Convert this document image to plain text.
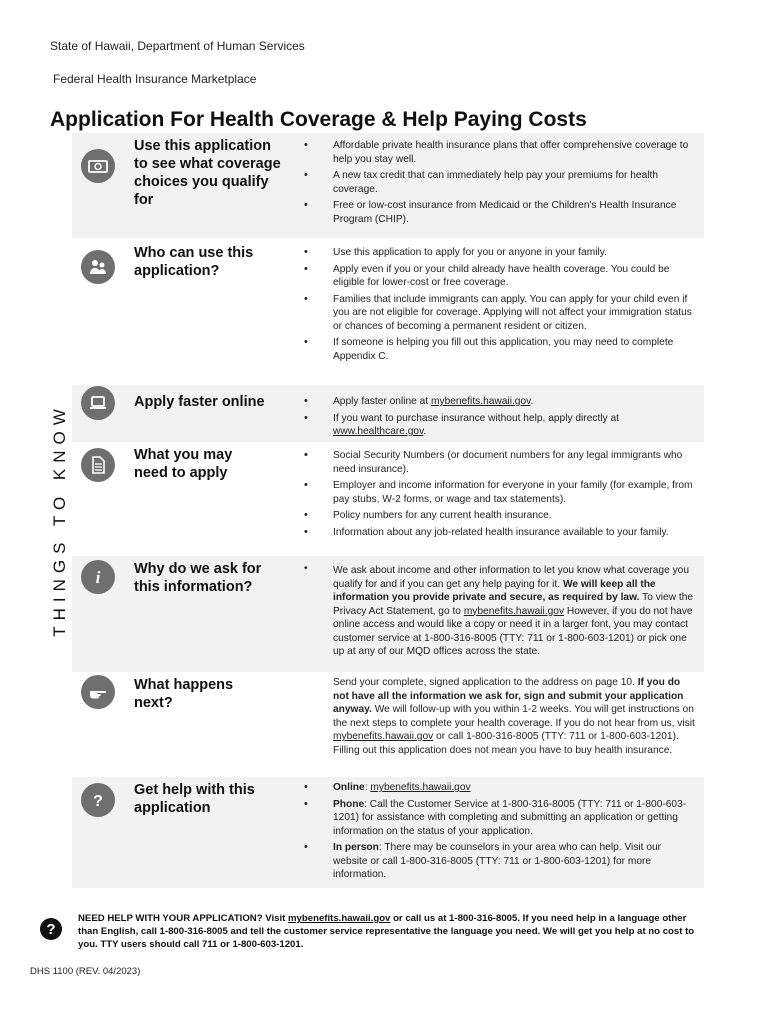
State of Hawaii, Department of Human Services
Federal Health Insurance Marketplace
Application For Health Coverage & Help Paying Costs
THINGS TO KNOW
Use this application to see what coverage choices you qualify for
• Affordable private health insurance plans that offer comprehensive coverage to help you stay well.
• A new tax credit that can immediately help pay your premiums for health coverage.
• Free or low-cost insurance from Medicaid or the Children's Health Insurance Program (CHIP).
Who can use this application?
• Use this application to apply for you or anyone in your family.
• Apply even if you or your child already have health coverage. You could be eligible for lower-cost or free coverage.
• Families that include immigrants can apply. You can apply for your child even if you are not eligible for coverage. Applying will not affect your immigration status or chances of becoming a permanent resident or citizen.
• If someone is helping you fill out this application, you may need to complete Appendix C.
Apply faster online
•	Apply faster online at mybenefits.hawaii.gov.
• If you want to purchase insurance without help, apply directly at www.healthcare.gov.
What you may need to apply
• Social Security Numbers (or document numbers for any legal immigrants who need insurance).
• Employer and income information for everyone in your family (for example, from pay stubs, W-2 forms, or wage and tax statements).
• Policy numbers for any current health insurance.
• Information about any job-related health insurance available to your family.
i Why do we ask for this information?
•	We ask about income and other information to let you know what coverage you qualify for and if you can get any help paying for it. We will keep all the information you provide private and secure, as required by law. To view the Privacy Act Statement, go to mybenefits.hawaii.gov However, if you do not have online access and would like a copy or need it in a larger font, you may contact customer service at 1-800-316-8005 (TTY: 711 or 1-800-603-1201) or pick one up at any of our MQD offices across the state.

What happens next?

Send your complete, signed application to the address on page 10. If you do not have all the information we ask for, sign and submit your application anyway. We will follow-up with you within 1-2 weeks. You will get instructions on the next steps to complete your health coverage. If you do not hear from us, visit mybenefits.hawaii.gov or call 1-800-316-8005 (TTY: 711 or 1-800-603-1201). Filling out this application does not mean you have to buy health insurance.

?
Get help with this application
• Online: mybenefits.hawaii.gov
• Phone: Call the Customer Service at 1-800-316-8005 (TTY: 711 or 1-800-603-1201) for assistance with completing and submitting an application or getting information on the status of your application.
• In person: There may be counselors in your area who can help. Visit our website or call 1-800-316-8005 (TTY: 711 or 1-800-603-1201) for more information.
?

NEED HELP WITH YOUR APPLICATION? Visit mybenefits.hawaii.gov or call us at 1-800-316-8005. If you need help in a language other than English, call 1-800-316-8005 and tell the customer service representative the language you need. We will get you help at no cost to you. TTY users should call 711 or 1-800-603-1201.

DHS 1100 (REV. 04/2023)
